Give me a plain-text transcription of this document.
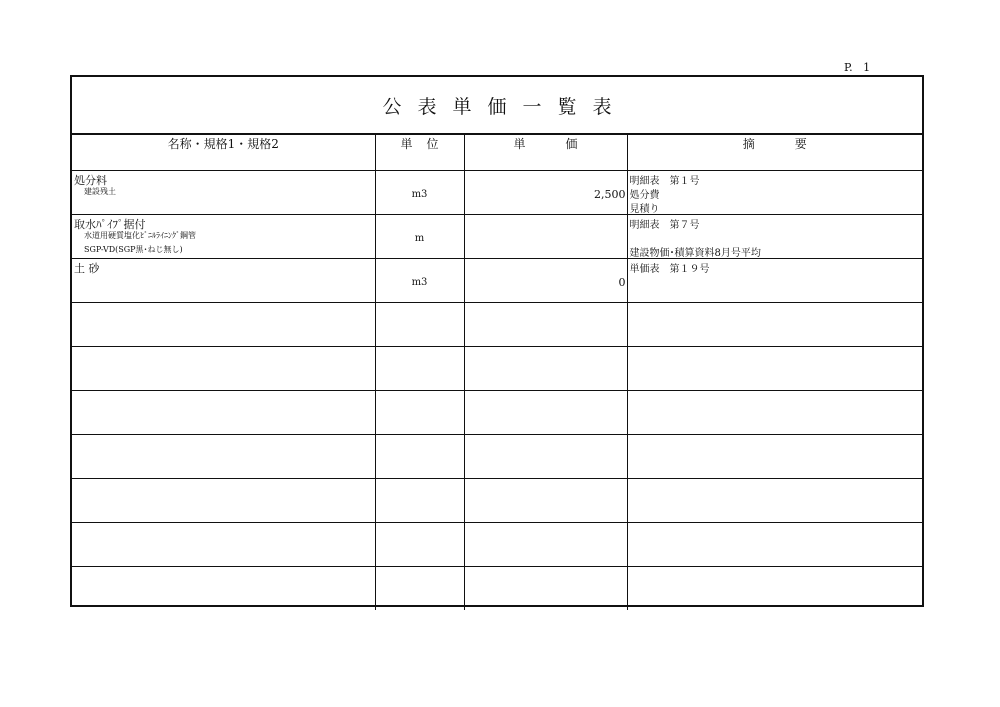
P.   1
公表単価一覧表
名称・規格1・規格2	単位	単価	摘要

処分料
建設残土	m3	2,500	明細表　第１号
処分費
見積り

取水ﾊﾟｲﾌﾟ据付
水道用硬質塩化ﾋﾞﾆﾙﾗｲﾆﾝｸﾞ鋼管
SGP-VD(SGP黒･ねじ無し)	m		明細表　第７号
建設物価･積算資料8月号平均

土 砂	m3	0	単価表　第１９号
